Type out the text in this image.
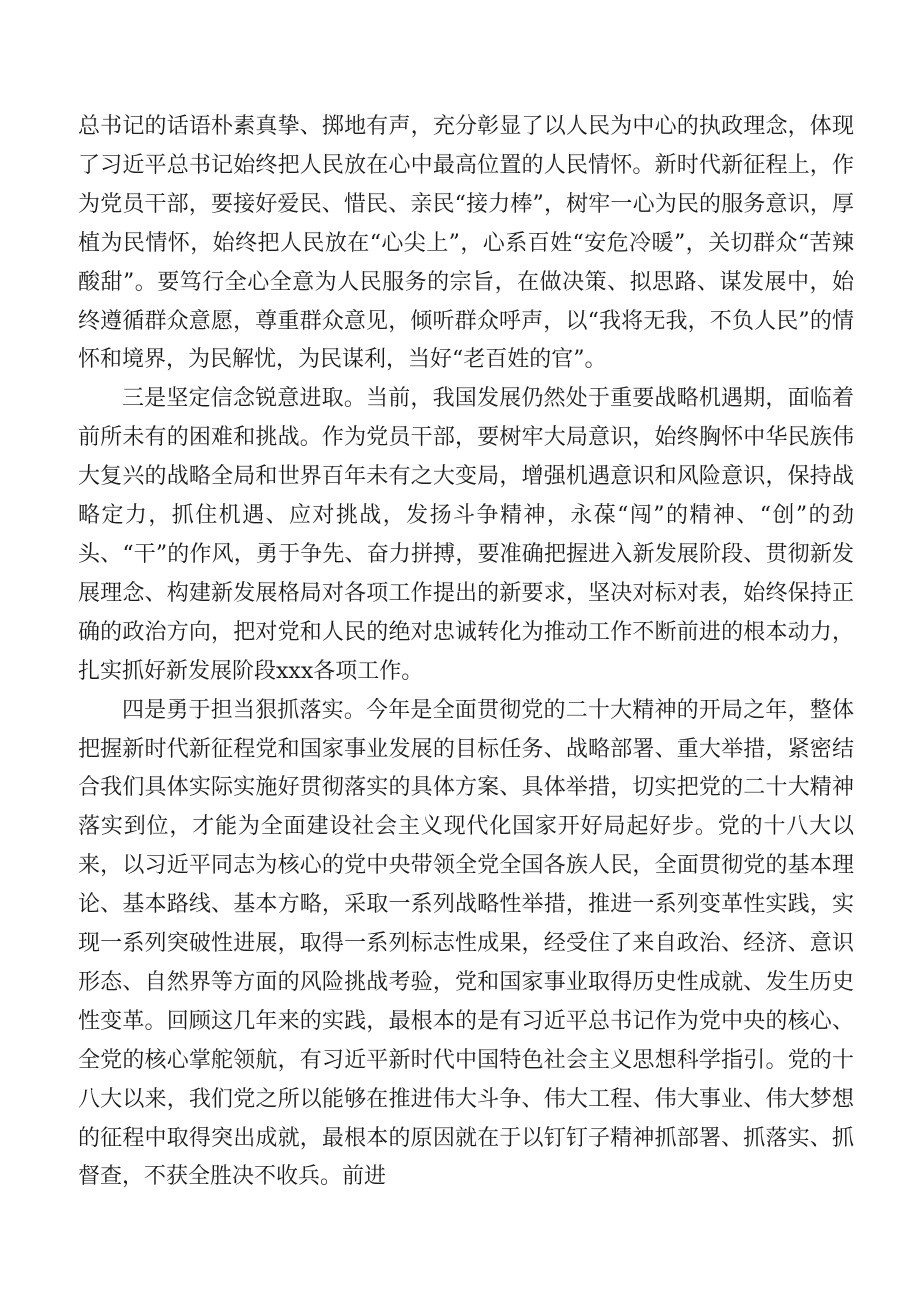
总书记的话语朴素真挚、掷地有声，充分彰显了以人民为中心的执政理念，体现了习近平总书记始终把人民放在心中最高位置的人民情怀。新时代新征程上，作为党员干部，要接好爱民、惜民、亲民“接力棒”，树牢一心为民的服务意识，厚植为民情怀，始终把人民放在“心尖上”，心系百姓“安危冷暖”，关切群众“苦辣酸甜”。要笃行全心全意为人民服务的宗旨，在做决策、拟思路、谋发展中，始终遵循群众意愿，尊重群众意见，倾听群众呼声，以“我将无我，不负人民”的情怀和境界，为民解忧，为民谋利，当好“老百姓的官”。

三是坚定信念锐意进取。当前，我国发展仍然处于重要战略机遇期，面临着前所未有的困难和挑战。作为党员干部，要树牢大局意识，始终胸怀中华民族伟大复兴的战略全局和世界百年未有之大变局，增强机遇意识和风险意识，保持战略定力，抓住机遇、应对挑战，发扬斗争精神，永葆“闯”的精神、“创”的劲头、“干”的作风，勇于争先、奋力拼搏，要准确把握进入新发展阶段、贯彻新发展理念、构建新发展格局对各项工作提出的新要求，坚决对标对表，始终保持正确的政治方向，把对党和人民的绝对忠诚转化为推动工作不断前进的根本动力，扎实抓好新发展阶段xxx各项工作。

四是勇于担当狠抓落实。今年是全面贯彻党的二十大精神的开局之年，整体把握新时代新征程党和国家事业发展的目标任务、战略部署、重大举措，紧密结合我们具体实际实施好贯彻落实的具体方案、具体举措，切实把党的二十大精神落实到位，才能为全面建设社会主义现代化国家开好局起好步。党的十八大以来，以习近平同志为核心的党中央带领全党全国各族人民，全面贯彻党的基本理论、基本路线、基本方略，采取一系列战略性举措，推进一系列变革性实践，实现一系列突破性进展，取得一系列标志性成果，经受住了来自政治、经济、意识形态、自然界等方面的风险挑战考验，党和国家事业取得历史性成就、发生历史性变革。回顾这几年来的实践，最根本的是有习近平总书记作为党中央的核心、全党的核心掌舵领航，有习近平新时代中国特色社会主义思想科学指引。党的十八大以来，我们党之所以能够在推进伟大斗争、伟大工程、伟大事业、伟大梦想的征程中取得突出成就，最根本的原因就在于以钉钉子精神抓部署、抓落实、抓督查，不获全胜决不收兵。前进
